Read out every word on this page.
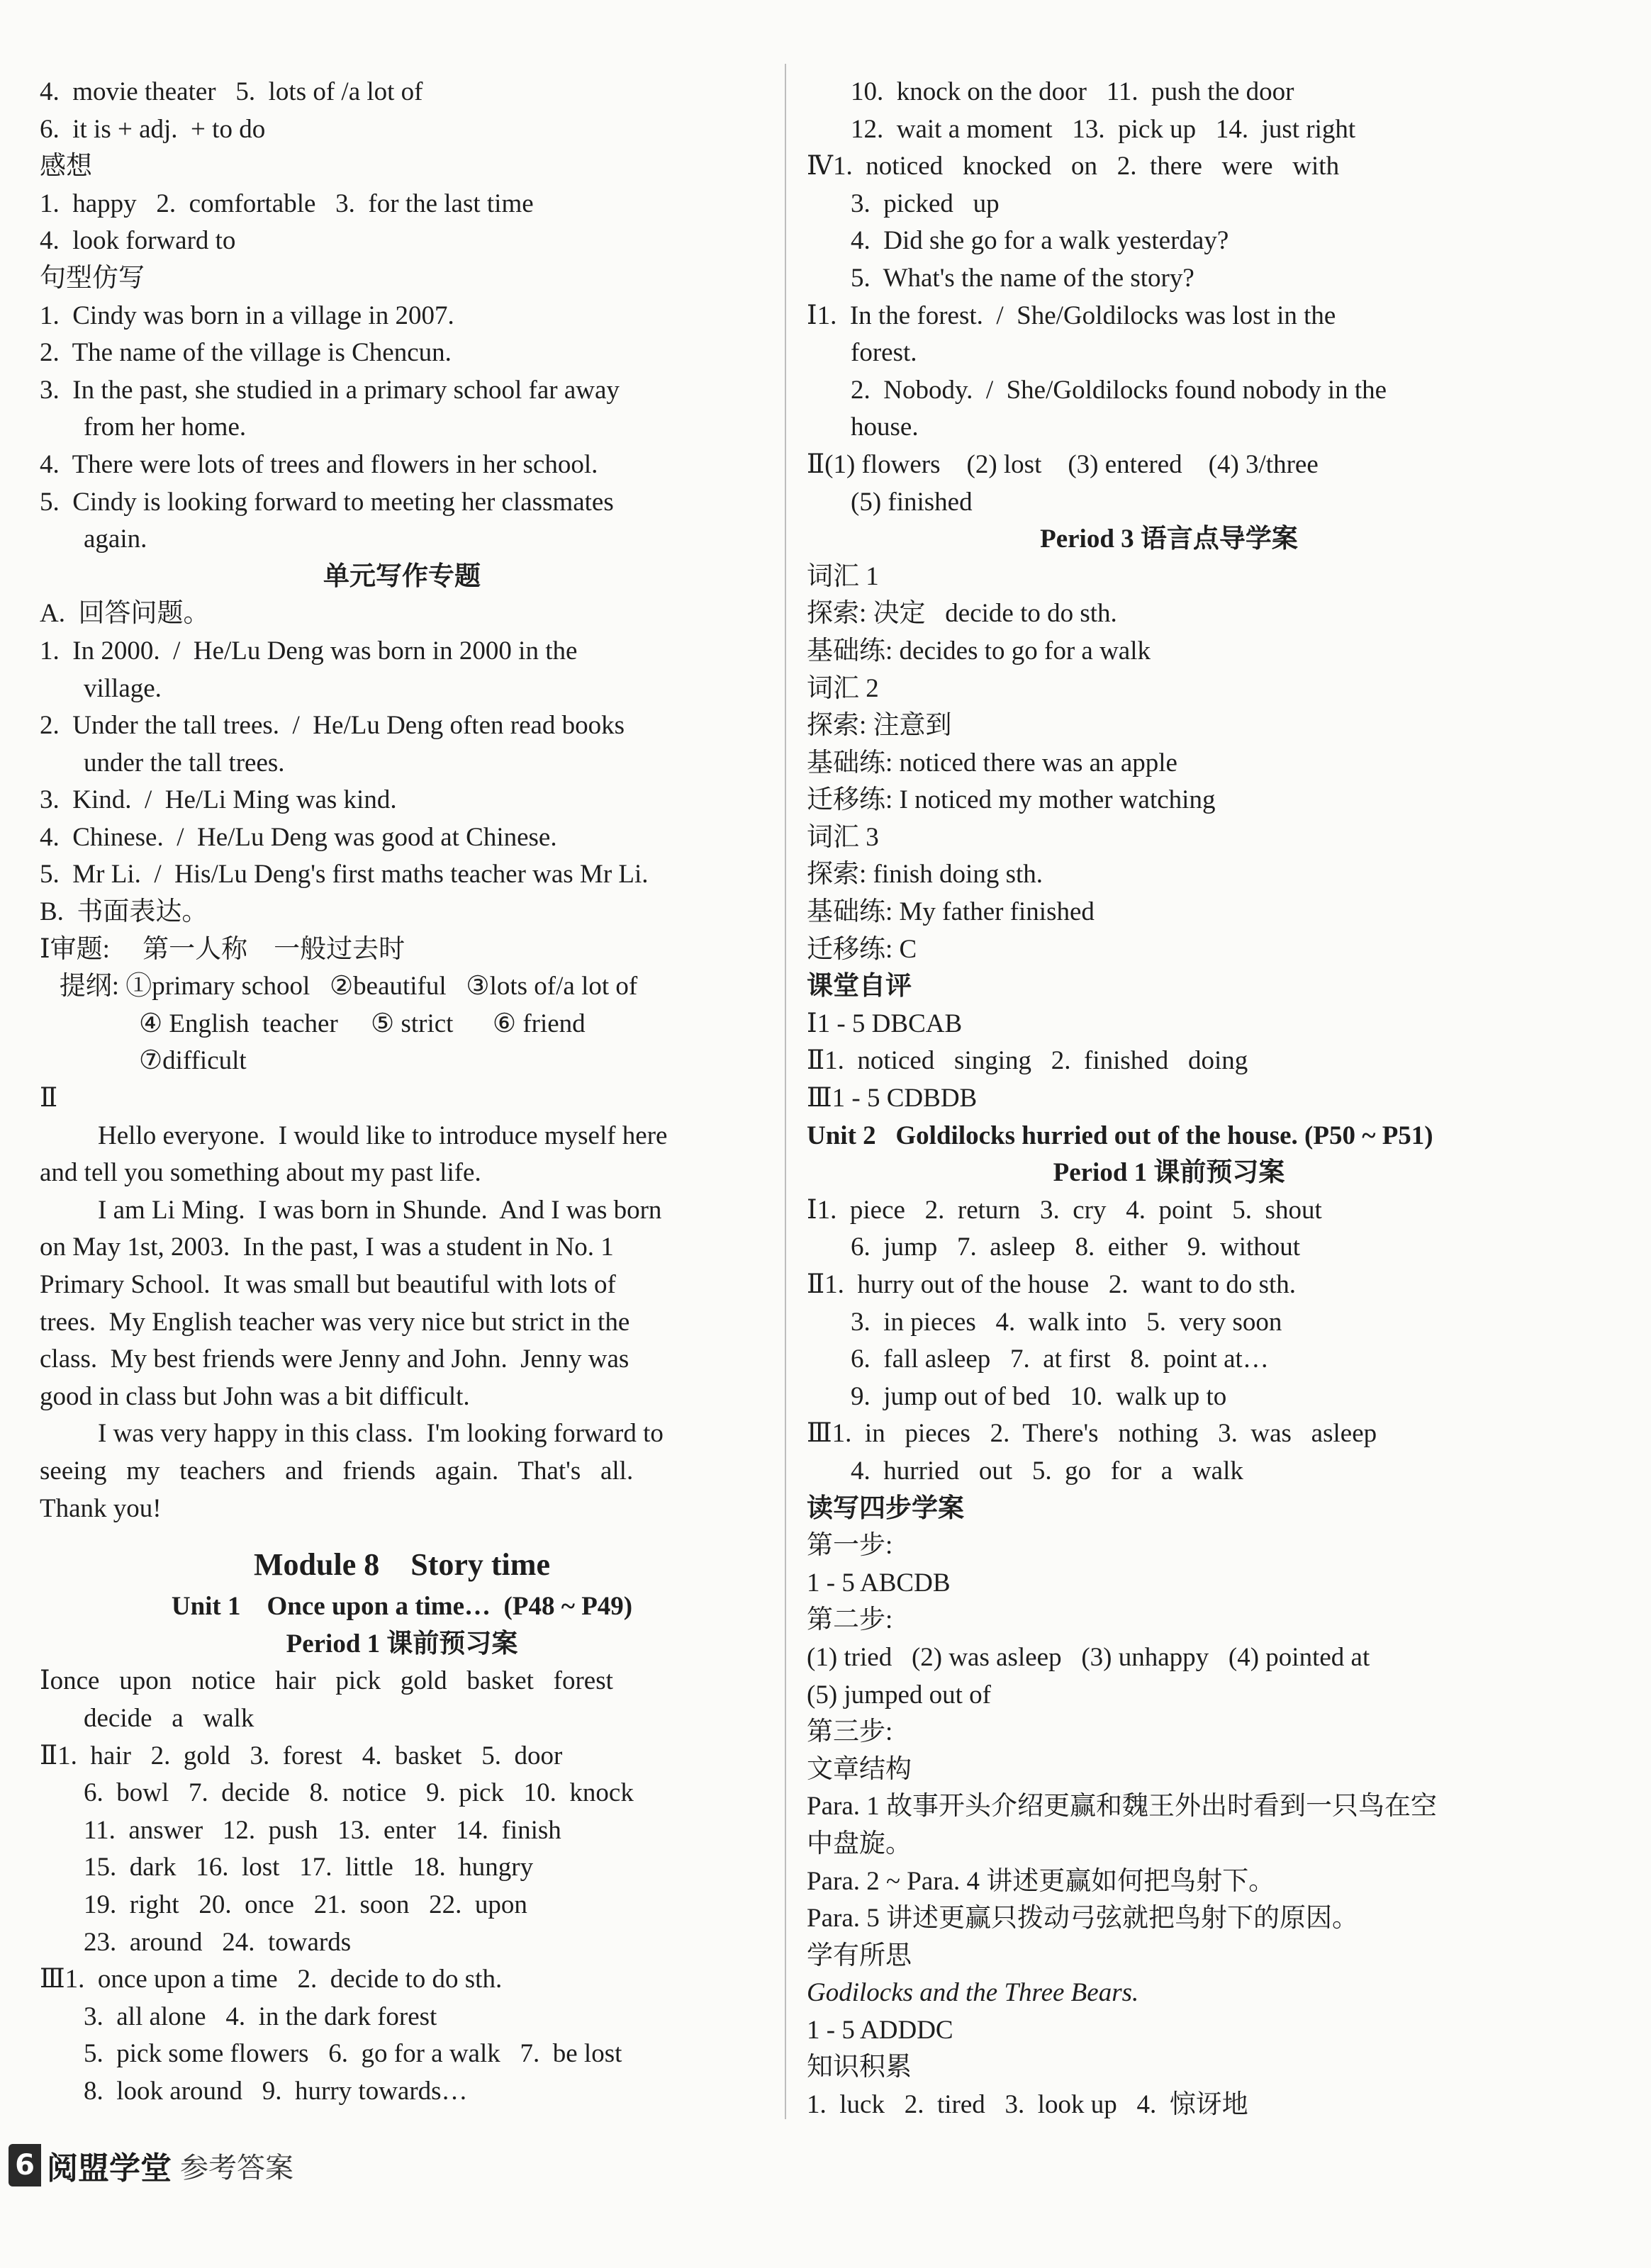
4.  movie theater   5.  lots of /a lot of
6.  it is + adj.  + to do
感想
1.  happy   2.  comfortable   3.  for the last time
4.  look forward to
句型仿写
1.  Cindy was born in a village in 2007.
2.  The name of the village is Chencun.
3.  In the past, she studied in a primary school far away
from her home.
4.  There were lots of trees and flowers in her school.
5.  Cindy is looking forward to meeting her classmates
again.
单元写作专题
A.  回答问题。
1.  In 2000.  /  He/Lu Deng was born in 2000 in the
village.
2.  Under the tall trees.  /  He/Lu Deng often read books
under the tall trees.
3.  Kind.  /  He/Li Ming was kind.
4.  Chinese.  /  He/Lu Deng was good at Chinese.
5.  Mr Li.  /  His/Lu Deng's first maths teacher was Mr Li.
B.  书面表达。
Ⅰ审题:     第一人称    一般过去时
提纲: ①primary school   ②beautiful   ③lots of/a lot of
④ English  teacher     ⑤ strict      ⑥ friend
⑦difficult
Ⅱ
Hello everyone.  I would like to introduce myself here
and tell you something about my past life.
I am Li Ming.  I was born in Shunde.  And I was born
on May 1st, 2003.  In the past, I was a student in No. 1
Primary School.  It was small but beautiful with lots of
trees.  My English teacher was very nice but strict in the
class.  My best friends were Jenny and John.  Jenny was
good in class but John was a bit difficult.
I was very happy in this class.  I'm looking forward to
seeing   my   teachers   and   friends   again.   That's   all.
Thank you!
Module 8    Story time
Unit 1    Once upon a time…  (P48 ~ P49)
Period 1 课前预习案
Ⅰonce   upon   notice   hair   pick   gold   basket   forest
decide   a   walk
Ⅱ1.  hair   2.  gold   3.  forest   4.  basket   5.  door
6.  bowl   7.  decide   8.  notice   9.  pick   10.  knock
11.  answer   12.  push   13.  enter   14.  finish
15.  dark   16.  lost   17.  little   18.  hungry
19.  right   20.  once   21.  soon   22.  upon
23.  around   24.  towards
Ⅲ1.  once upon a time   2.  decide to do sth.
3.  all alone   4.  in the dark forest
5.  pick some flowers   6.  go for a walk   7.  be lost
8.  look around   9.  hurry towards…
10.  knock on the door   11.  push the door
12.  wait a moment   13.  pick up   14.  just right
Ⅳ1.  noticed   knocked   on   2.  there   were   with
3.  picked   up
4.  Did she go for a walk yesterday?
5.  What's the name of the story?
Ⅰ1.  In the forest.  /  She/Goldilocks was lost in the
forest.
2.  Nobody.  /  She/Goldilocks found nobody in the
house.
Ⅱ(1) flowers    (2) lost    (3) entered    (4) 3/three
(5) finished
Period 3 语言点导学案
词汇 1
探索: 决定   decide to do sth.
基础练: decides to go for a walk
词汇 2
探索: 注意到
基础练: noticed there was an apple
迁移练: I noticed my mother watching
词汇 3
探索: finish doing sth.
基础练: My father finished
迁移练: C
课堂自评
Ⅰ1 - 5 DBCAB
Ⅱ1.  noticed   singing   2.  finished   doing
Ⅲ1 - 5 CDBDB
Unit 2   Goldilocks hurried out of the house. (P50 ~ P51)
Period 1 课前预习案
Ⅰ1.  piece   2.  return   3.  cry   4.  point   5.  shout
6.  jump   7.  asleep   8.  either   9.  without
Ⅱ1.  hurry out of the house   2.  want to do sth.
3.  in pieces   4.  walk into   5.  very soon
6.  fall asleep   7.  at first   8.  point at…
9.  jump out of bed   10.  walk up to
Ⅲ1.  in   pieces   2.  There's   nothing   3.  was   asleep
4.  hurried   out   5.  go   for   a   walk
读写四步学案
第一步:
1 - 5 ABCDB
第二步:
(1) tried   (2) was asleep   (3) unhappy   (4) pointed at
(5) jumped out of
第三步:
文章结构
Para. 1 故事开头介绍更赢和魏王外出时看到一只鸟在空
中盘旋。
Para. 2 ~ Para. 4 讲述更赢如何把鸟射下。
Para. 5 讲述更赢只拨动弓弦就把鸟射下的原因。
学有所思
Godilocks and the Three Bears.
1 - 5 ADDDC
知识积累
1.  luck   2.  tired   3.  look up   4.  惊讶地
6 阅盟学堂 参考答案
